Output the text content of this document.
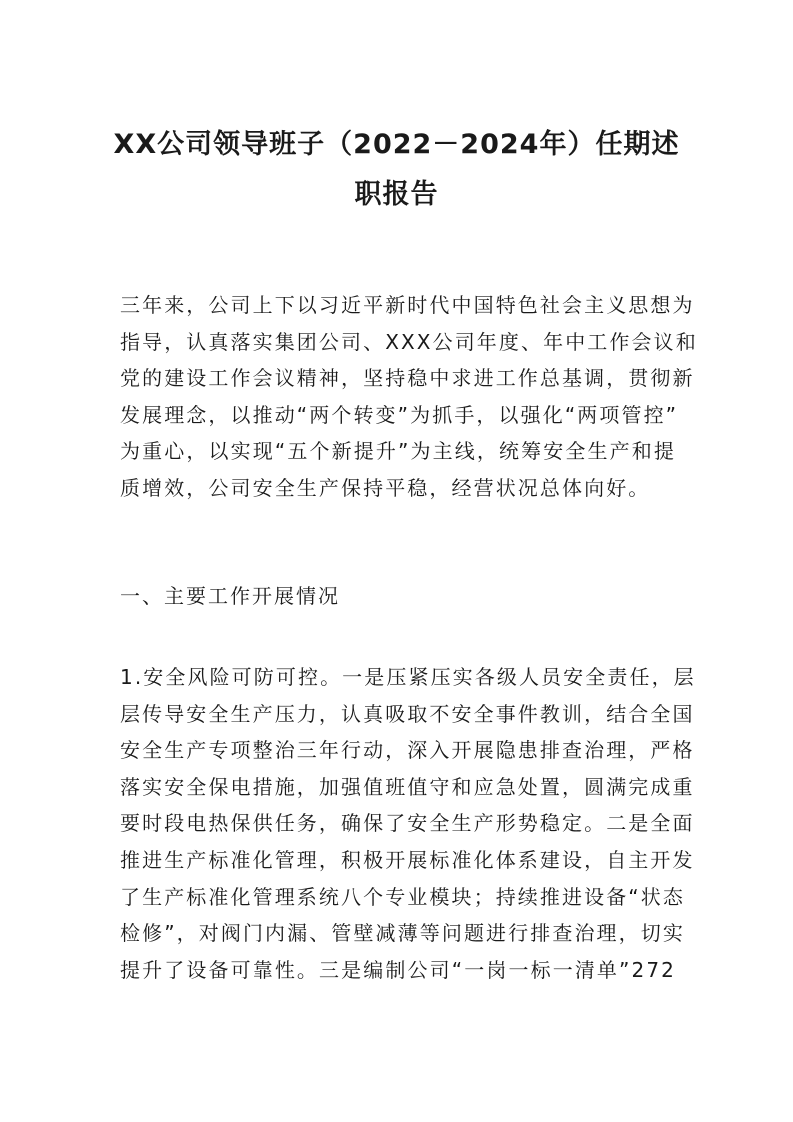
XX公司领导班子（2022－2024年）任期述
职报告

三年来，公司上下以习近平新时代中国特色社会主义思想为

指导，认真落实集团公司、XXX公司年度、年中工作会议和

党的建设工作会议精神，坚持稳中求进工作总基调，贯彻新

发展理念，以推动“两个转变”为抓手，以强化“两项管控”

为重心，以实现“五个新提升”为主线，统筹安全生产和提

质增效，公司安全生产保持平稳，经营状况总体向好。

一、主要工作开展情况

1.安全风险可防可控。一是压紧压实各级人员安全责任，层

层传导安全生产压力，认真吸取不安全事件教训，结合全国

安全生产专项整治三年行动，深入开展隐患排查治理，严格

落实安全保电措施，加强值班值守和应急处置，圆满完成重

要时段电热保供任务，确保了安全生产形势稳定。二是全面

推进生产标准化管理，积极开展标准化体系建设，自主开发

了生产标准化管理系统八个专业模块；持续推进设备“状态

检修”，对阀门内漏、管壁减薄等问题进行排查治理，切实

提升了设备可靠性。三是编制公司“一岗一标一清单”272
